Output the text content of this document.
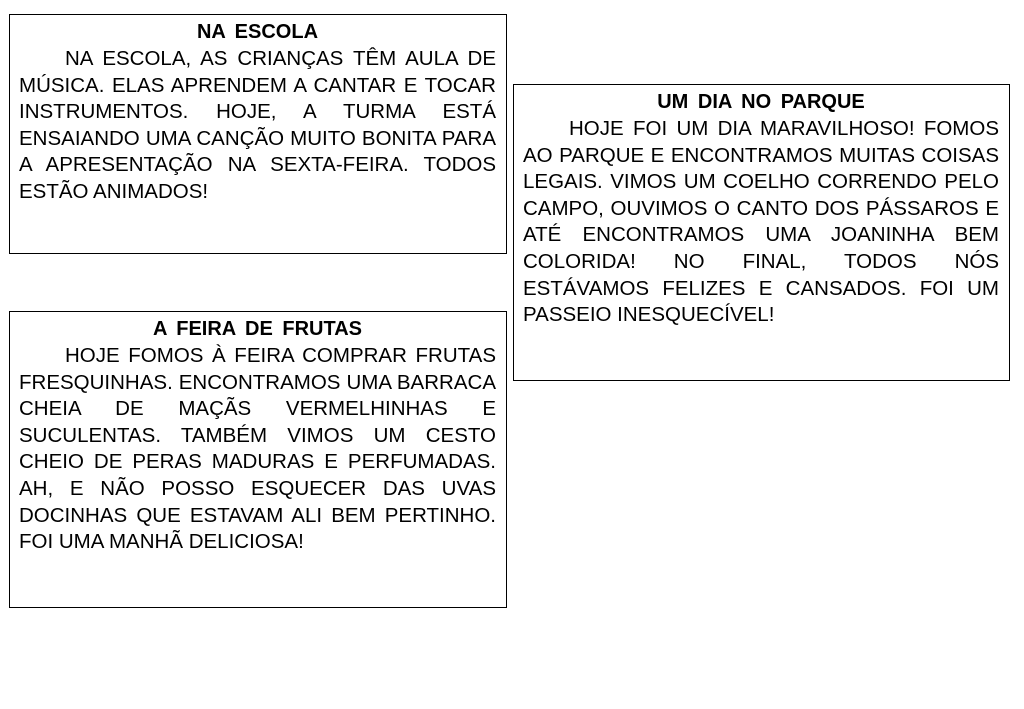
NA ESCOLA

NA ESCOLA, AS CRIANÇAS TÊM AULA DE MÚSICA. ELAS APRENDEM A CANTAR E TOCAR INSTRUMENTOS. HOJE, A TURMA ESTÁ ENSAIANDO UMA CANÇÃO MUITO BONITA PARA A APRESENTAÇÃO NA SEXTA-FEIRA. TODOS ESTÃO ANIMADOS!

UM DIA NO PARQUE

HOJE FOI UM DIA MARAVILHOSO! FOMOS AO PARQUE E ENCONTRAMOS MUITAS COISAS LEGAIS. VIMOS UM COELHO CORRENDO PELO CAMPO, OUVIMOS O CANTO DOS PÁSSAROS E ATÉ ENCONTRAMOS UMA JOANINHA BEM COLORIDA! NO FINAL, TODOS NÓS ESTÁVAMOS FELIZES E CANSADOS. FOI UM PASSEIO INESQUECÍVEL!

A FEIRA DE FRUTAS

HOJE FOMOS À FEIRA COMPRAR FRUTAS FRESQUINHAS. ENCONTRAMOS UMA BARRACA CHEIA DE MAÇÃS VERMELHINHAS E SUCULENTAS. TAMBÉM VIMOS UM CESTO CHEIO DE PERAS MADURAS E PERFUMADAS. AH, E NÃO POSSO ESQUECER DAS UVAS DOCINHAS QUE ESTAVAM ALI BEM PERTINHO. FOI UMA MANHÃ DELICIOSA!
